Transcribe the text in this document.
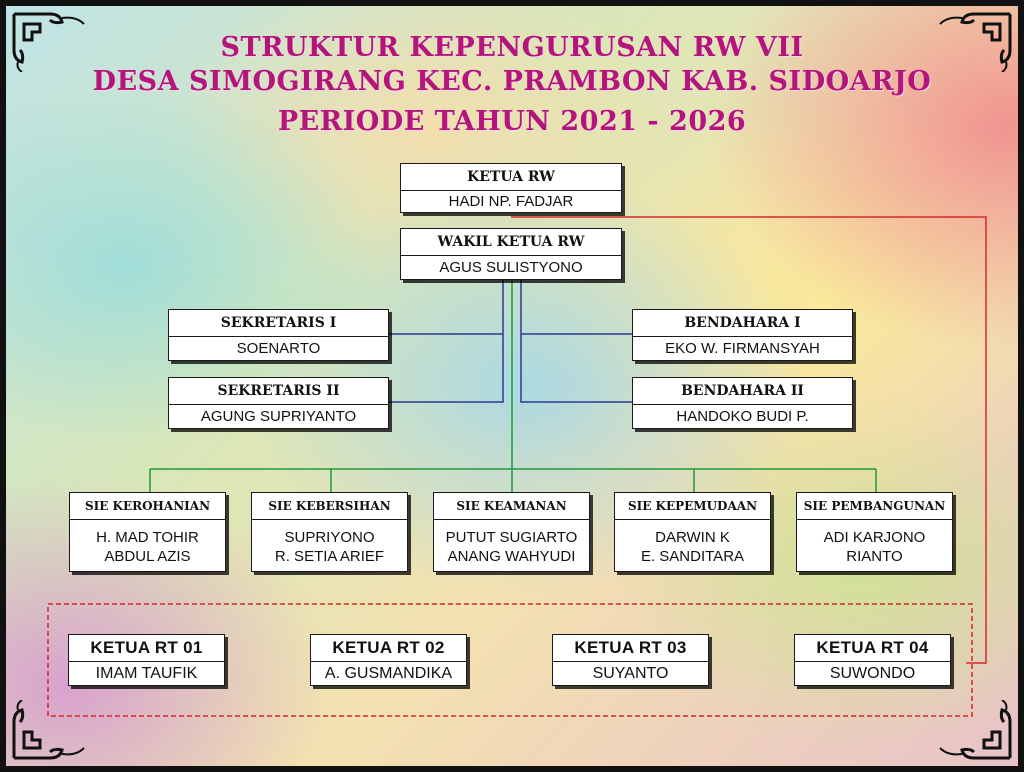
STRUKTUR KEPENGURUSAN RW VII
DESA SIMOGIRANG KEC. PRAMBON KAB. SIDOARJO
PERIODE TAHUN 2021 - 2026
KETUA RW
HADI NP. FADJAR
WAKIL KETUA RW
AGUS SULISTYONO
SEKRETARIS I
SOENARTO
SEKRETARIS II
AGUNG SUPRIYANTO
BENDAHARA I
EKO W. FIRMANSYAH
BENDAHARA II
HANDOKO BUDI P.
SIE KEROHANIAN
H. MAD TOHIR
ABDUL AZIS
SIE KEBERSIHAN
SUPRIYONO
R. SETIA ARIEF
SIE KEAMANAN
PUTUT SUGIARTO
ANANG WAHYUDI
SIE KEPEMUDAAN
DARWIN K
E. SANDITARA
SIE PEMBANGUNAN
ADI KARJONO
RIANTO
KETUA RT 01
IMAM TAUFIK
KETUA RT 02
A. GUSMANDIKA
KETUA RT 03
SUYANTO
KETUA RT 04
SUWONDO
